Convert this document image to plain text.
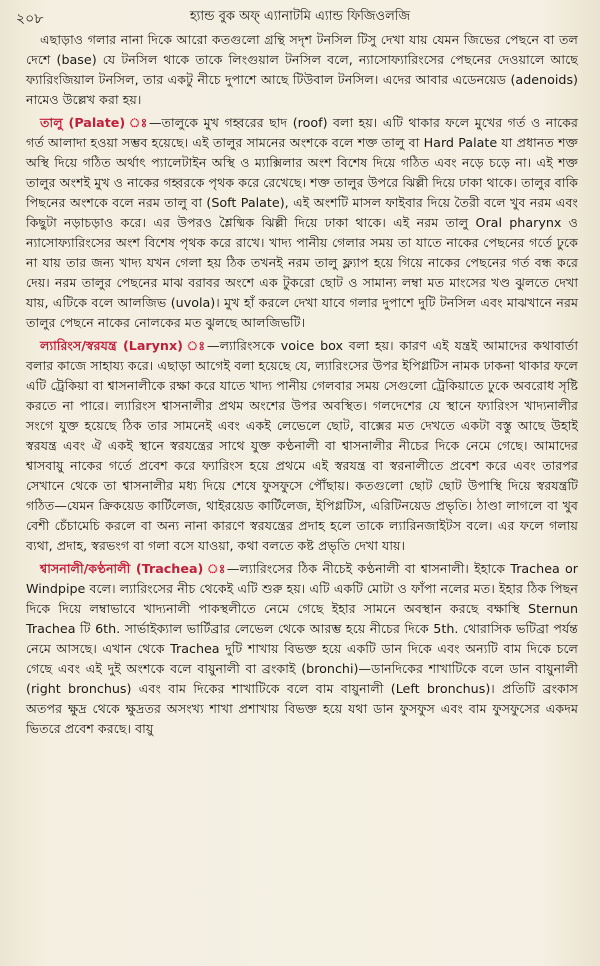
২০৮	হ্যান্ড বুক অফ্ এ্যানাটমি এ্যান্ড ফিজিওলজি

এছাড়াও গলার নানা দিকে আরো কতগুলো গ্রন্থি সদৃশ টনসিল টিসু দেখা যায় যেমন জিভের পেছনে বা তল দেশে (base) যে টনসিল থাকে তাকে লিংগুয়াল টনসিল বলে, ন্যাসোফ্যারিংসের পেছনের দেওয়ালে আছে ফ্যারিংজিয়াল টনসিল, তার একটু নীচে দুপাশে আছে টিউবাল টনসিল। এদের আবার এডেনয়েড (adenoids) নামেও উল্লেখ করা হয়।

তালু (Palate) ঃ—তালুকে মুখ গহ্বরের ছাদ (roof) বলা হয়। এটি থাকার ফলে মুখের গর্ত ও নাকের গর্ত আলাদা হওয়া সম্ভব হয়েছে। এই তালুর সামনের অংশকে বলে শক্ত তালু বা Hard Palate যা প্রধানত শক্ত অস্থি দিয়ে গঠিত অর্থাৎ প্যালেটাইন অস্থি ও ম্যাক্সিলার অংশ বিশেষ দিয়ে গঠিত এবং নড়ে চড়ে না। এই শক্ত তালুর অংশই মুখ ও নাকের গহ্বরকে পৃথক করে রেখেছে। শক্ত তালুর উপরে ঝিল্লী দিয়ে ঢাকা থাকে। তালুর বাকি পিছনের অংশকে বলে নরম তালু বা (Soft Palate), এই অংশটি মাসল ফাইবার দিয়ে তৈরী বলে খুব নরম এবং কিছুটা নড়াচড়াও করে। এর উপরও শ্লৈষ্মিক ঝিল্লী দিয়ে ঢাকা থাকে। এই নরম তালু Oral pharynx ও ন্যাসোফ্যারিংসের অংশ বিশেষ পৃথক করে রাখে। খাদ্য পানীয় গেলার সময় তা যাতে নাকের পেছনের গর্তে ঢুকে না যায় তার জন্য খাদ্য যখন গেলা হয় ঠিক তখনই নরম তালু ফ্ল্যাপ হয়ে গিয়ে নাকের পেছনের গর্ত বন্ধ করে দেয়। নরম তালুর পেছনের মাঝ বরাবর অংশে এক টুকরো ছোট ও সামান্য লম্বা মত মাংসের খণ্ড ঝুলতে দেখা যায়, এটিকে বলে আলজিভ (uvola)। মুখ হাঁ করলে দেখা যাবে গলার দুপাশে দুটি টনসিল এবং মাঝখানে নরম তালুর পেছনে নাকের নোলকের মত ঝুলছে আলজিভটি।

ল্যারিংস/স্বরযন্ত্র (Larynx) ঃ—ল্যারিংসকে voice box বলা হয়। কারণ এই যন্ত্রই আমাদের কথাবার্তা বলার কাজে সাহায্য করে। এছাড়া আগেই বলা হয়েছে যে, ল্যারিংসের উপর ইপিগ্লটিস নামক ঢাকনা থাকার ফলে এটি ট্রেকিয়া বা শ্বাসনালীকে রক্ষা করে যাতে খাদ্য পানীয় গেলবার সময় সেগুলো ট্রেকিয়াতে ঢুকে অবরোধ সৃষ্টি করতে না পারে। ল্যারিংস শ্বাসনালীর প্রথম অংশের উপর অবস্থিত। গলদেশের যে স্থানে ফ্যারিংস খাদ্যনালীর সংগে যুক্ত হয়েছে ঠিক তার সামনেই এবং একই লেভেলে ছোট, বাক্সের মত দেখতে একটা বস্তু আছে উহাই স্বরযন্ত্র এবং ঐ একই স্থানে স্বরযন্ত্রের সাথে যুক্ত কণ্ঠনালী বা শ্বাসনালীর নীচের দিকে নেমে গেছে। আমাদের শ্বাসবায়ু নাকের গর্তে প্রবেশ করে ফ্যারিংস হয়ে প্রথমে এই স্বরযন্ত্র বা স্বরনালীতে প্রবেশ করে এবং তারপর সেখানে থেকে তা শ্বাসনালীর মধ্য দিয়ে শেষে ফুসফুসে পৌঁছায়। কতগুলো ছোট ছোট উপাস্থি দিয়ে স্বরযন্ত্রটি গঠিত—যেমন ক্রিকয়েড কার্টিলেজ, থাইরয়েড কার্টিলেজ, ইপিগ্লটিস, এরিটিনয়েড প্রভৃতি। ঠাণ্ডা লাগলে বা খুব বেশী চেঁচামেচি করলে বা অন্য নানা কারণে স্বরযন্ত্রের প্রদাহ হলে তাকে ল্যারিনজাইটস বলে। এর ফলে গলায় ব্যথা, প্রদাহ, স্বরভংগ বা গলা বসে যাওয়া, কথা বলতে কষ্ট প্রভৃতি দেখা যায়।

শ্বাসনালী/কণ্ঠনালী (Trachea) ঃ—ল্যারিংসের ঠিক নীচেই কণ্ঠনালী বা শ্বাসনালী। ইহাকে Trachea or Windpipe বলে। ল্যারিংসের নীচ থেকেই এটি শুরু হয়। এটি একটি মোটা ও ফাঁপা নলের মত। ইহার ঠিক পিছন দিকে দিয়ে লম্বাভাবে খাদ্যনালী পাকস্থলীতে নেমে গেছে ইহার সামনে অবস্থান করছে বক্ষাস্থি Sternun Trachea টি 6th. সার্ভাইক্যাল ভার্টিব্রার লেভেল থেকে আরম্ভ হয়ে নীচের দিকে 5th. থোরাসিক ভটিব্রা পর্যন্ত নেমে আসছে। এখান থেকে Trachea দুটি শাখায় বিভক্ত হয়ে একটি ডান দিকে এবং অন্যটি বাম দিকে চলে গেছে এবং এই দুই অংশকে বলে বায়ুনালী বা ব্রংকাই (bronchi)—ডানদিকের শাখাটিকে বলে ডান বায়ুনালী (right bronchus) এবং বাম দিকের শাখাটিকে বলে বাম বায়ুনালী (Left bronchus)। প্রতিটি ব্রংকাস অতপর ক্ষুদ্র থেকে ক্ষুদ্রতর অসংখ্য শাখা প্রশাখায় বিভক্ত হয়ে যথা ডান ফুসফুস এবং বাম ফুসফুসের একদম ভিতরে প্রবেশ করছে। বায়ু
